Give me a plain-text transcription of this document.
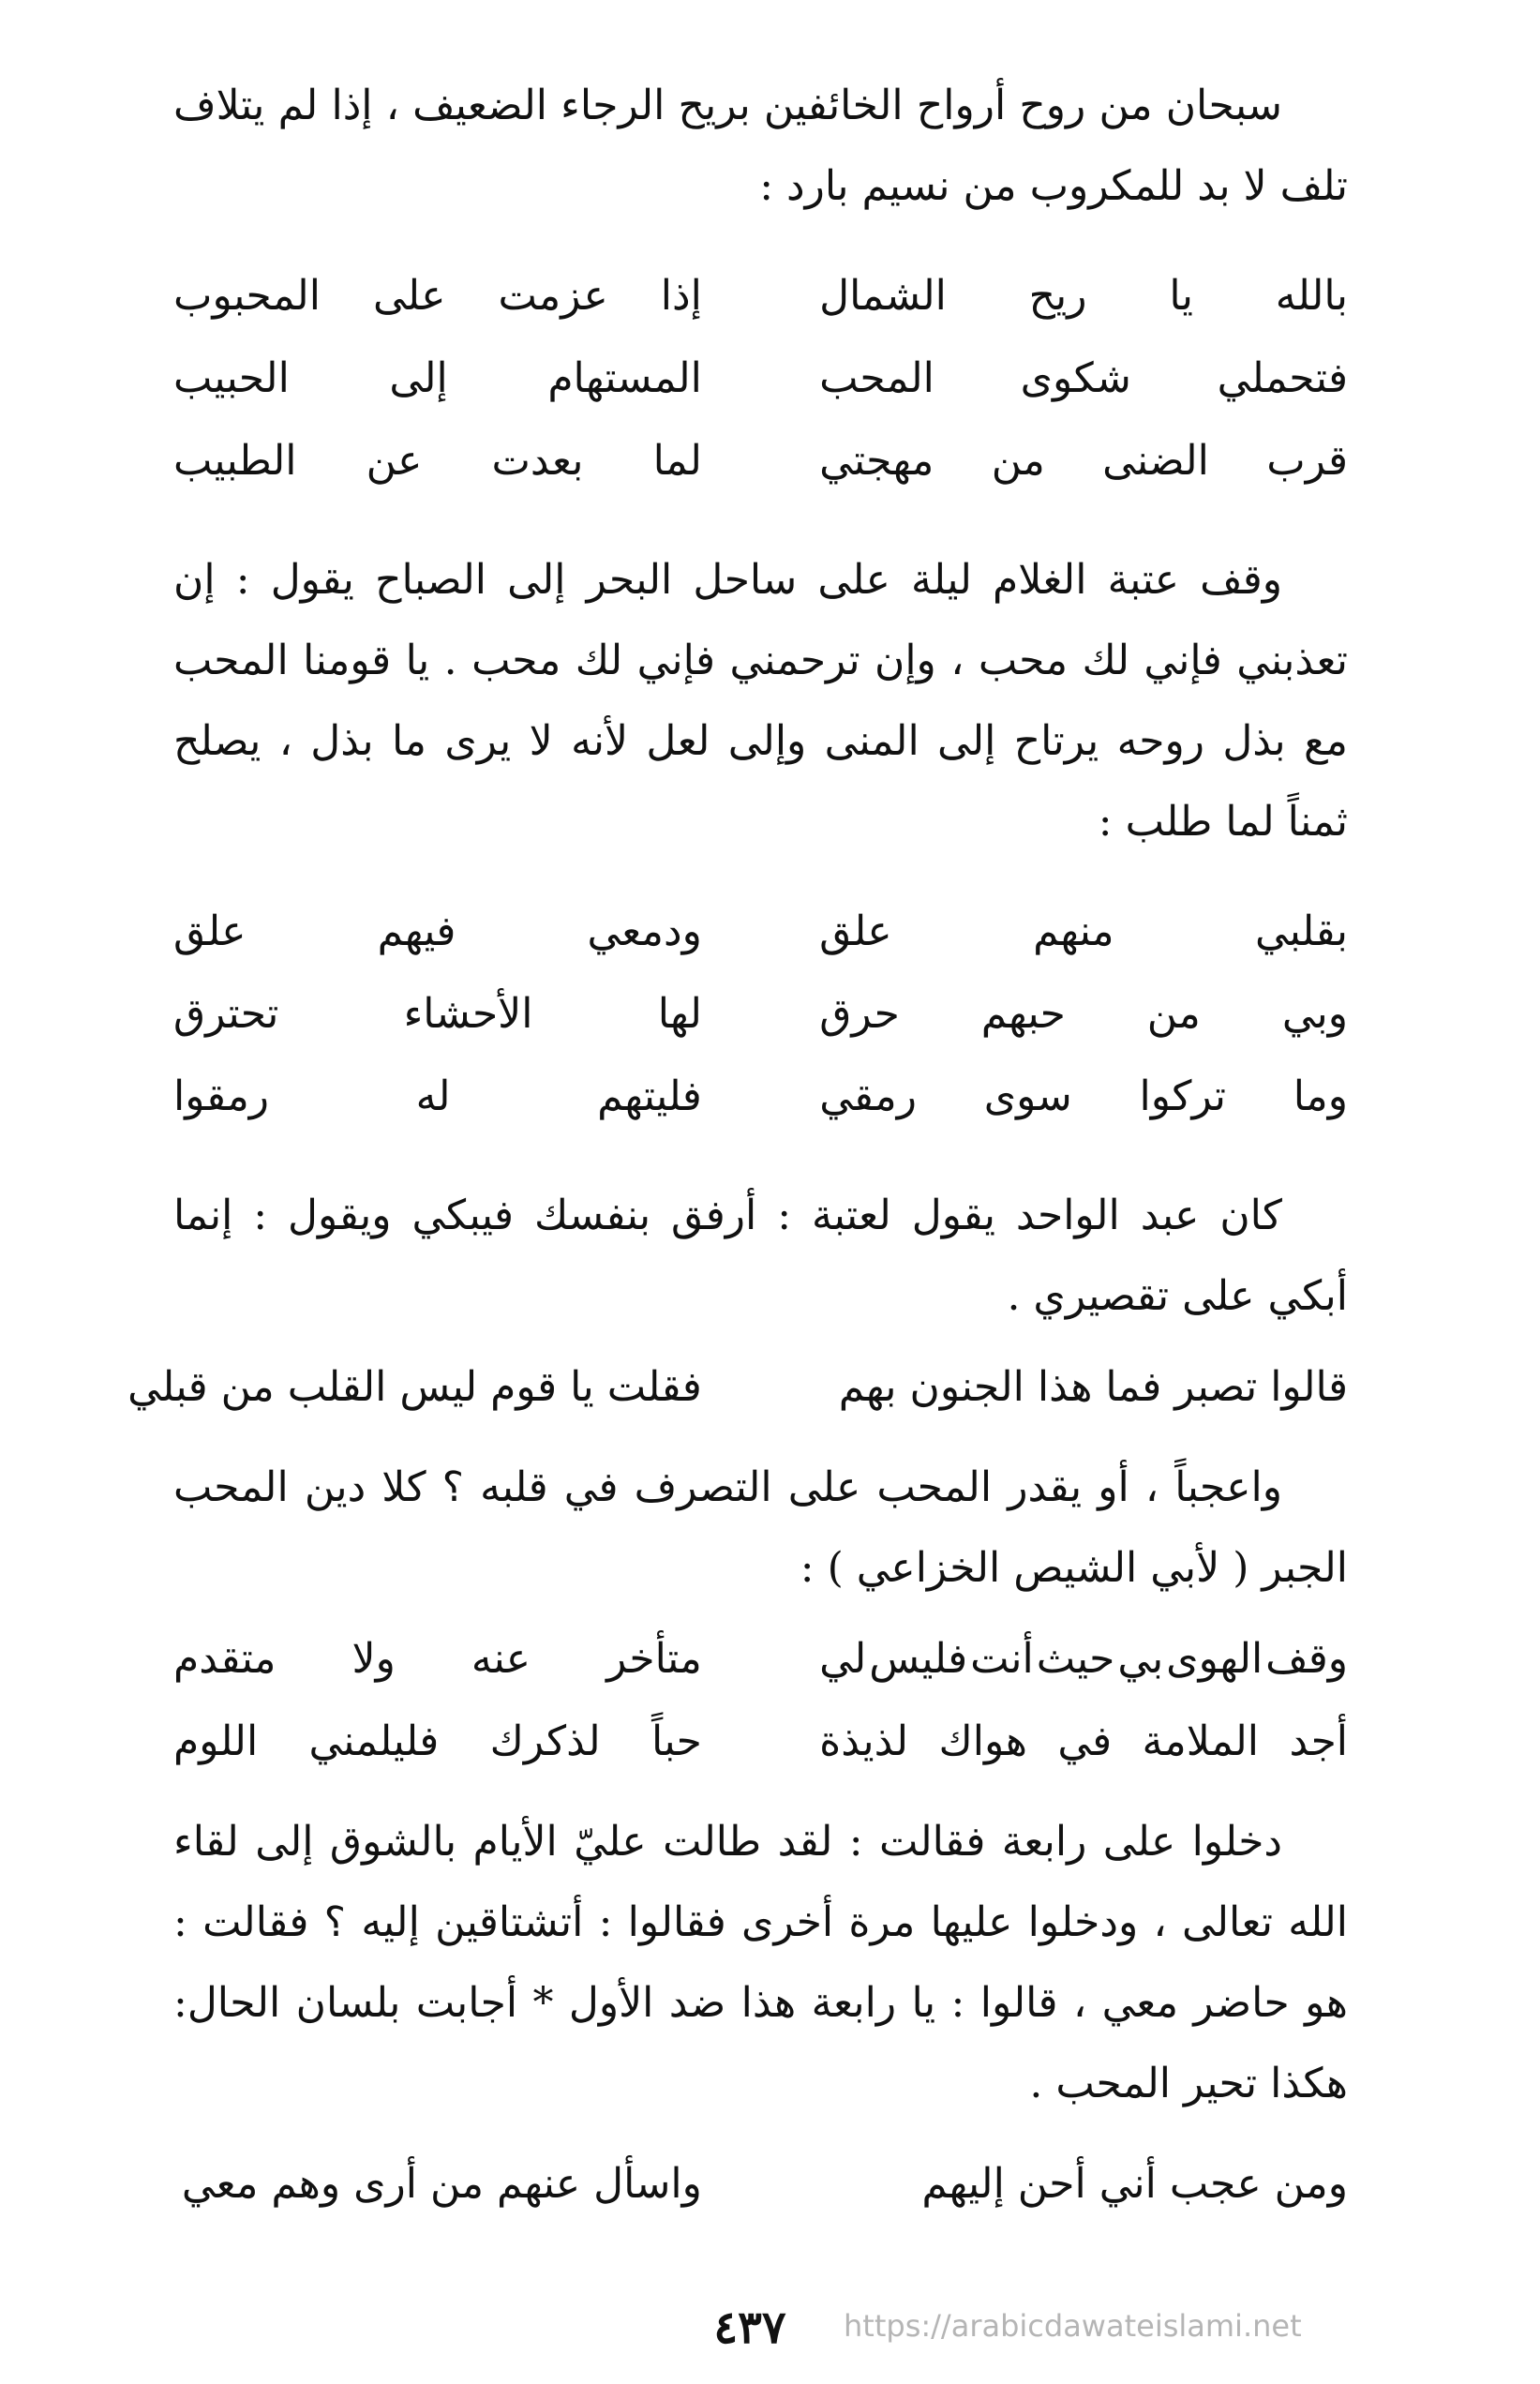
سبحان من روح أرواح الخائفين بريح الرجاء الضعيف ، إذا لم يتلاف تلف لا بد للمكروب من نسيم بارد :

بالله
يا
ريح
الشمال
إذا
عزمت
على
المحبوب
فتحملي
شكوى
المحب
المستهام
إلى
الحبيب
قرب
الضنى
من
مهجتي
لما
بعدت
عن
الطبيب

وقف عتبة الغلام ليلة على ساحل البحر إلى الصباح يقول : إن تعذبني فإني لك محب ، وإن ترحمني فإني لك محب . يا قومنا المحب مع بذل روحه يرتاح إلى المنى وإلى لعل لأنه لا يرى ما بذل ، يصلح ثمناً لما طلب :

بقلبي
منهم
علق
ودمعي
فيهم
علق
وبي
من
حبهم
حرق
لها
الأحشاء
تحترق
وما
تركوا
سوى
رمقي
فليتهم
له
رمقوا

كان عبد الواحد يقول لعتبة : أرفق بنفسك فيبكي ويقول : إنما أبكي على تقصيري .

قالوا تصبر فما هذا الجنون بهم
فقلت يا قوم ليس القلب من قبلي

واعجباً ، أو يقدر المحب على التصرف في قلبه ؟ كلا دين المحب الجبر ( لأبي الشيص الخزاعي ) :

وقف
الهوى
بي
حيث
أنت
فليس
لي
متأخر
عنه
ولا
متقدم
أجد
الملامة
في
هواك
لذيذة
حباً
لذكرك
فليلمني
اللوم

دخلوا على رابعة فقالت : لقد طالت عليّ الأيام بالشوق إلى لقاء الله تعالى ، ودخلوا عليها مرة أخرى فقالوا : أتشتاقين إليه ؟ فقالت : هو حاضر معي ، قالوا : يا رابعة هذا ضد الأول * أجابت بلسان الحال: هكذا تحير المحب .

ومن عجب أني أحن إليهم
واسأل عنهم من أرى وهم معي
٤٣٧	https://arabicdawateislami.net
